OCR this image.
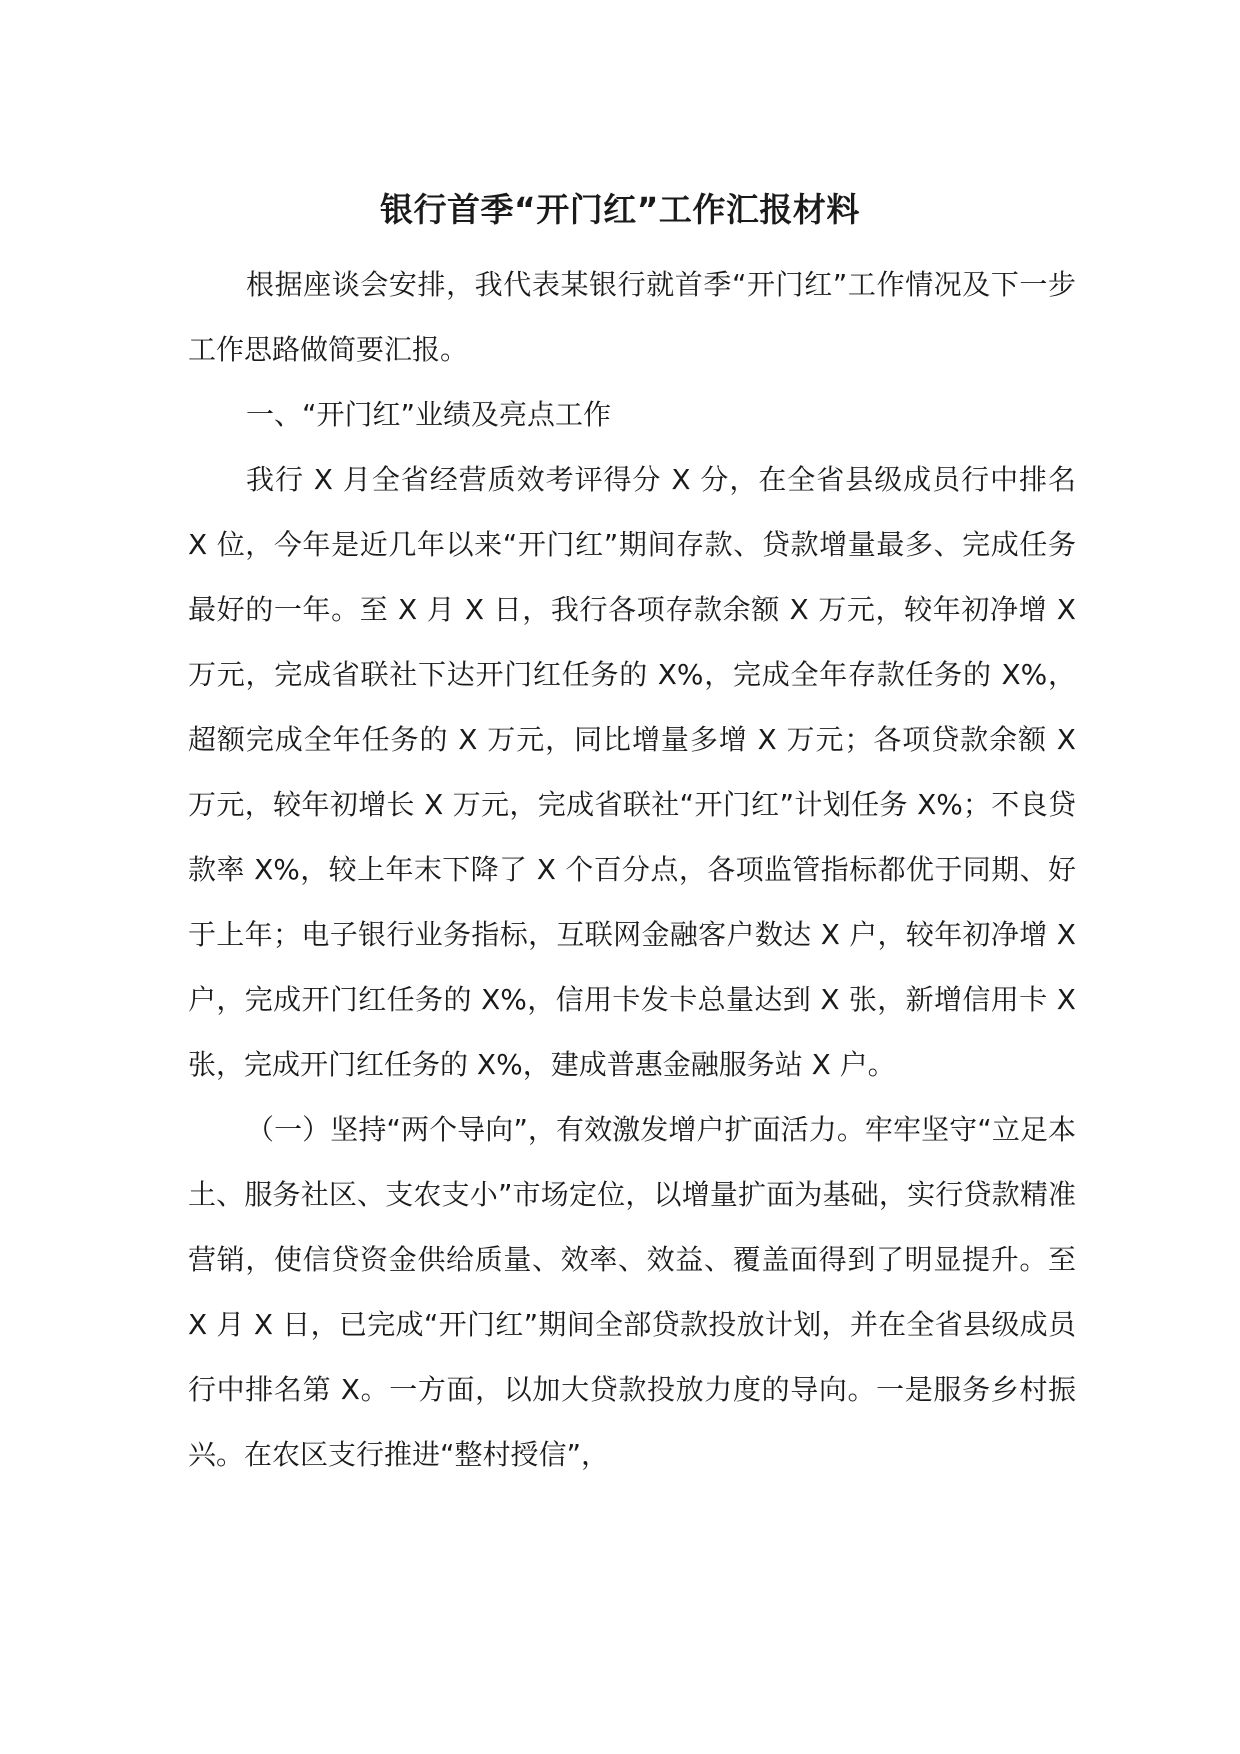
银行首季“开门红”工作汇报材料

根据座谈会安排，我代表某银行就首季“开门红”工作情况及下一步工作思路做简要汇报。

一、“开门红”业绩及亮点工作

我行 X 月全省经营质效考评得分 X 分，在全省县级成员行中排名 X 位，今年是近几年以来“开门红”期间存款、贷款增量最多、完成任务最好的一年。至 X 月 X 日，我行各项存款余额 X 万元，较年初净增 X 万元，完成省联社下达开门红任务的 X%，完成全年存款任务的 X%，超额完成全年任务的 X 万元，同比增量多增 X 万元；各项贷款余额 X 万元，较年初增长 X 万元，完成省联社“开门红”计划任务 X%；不良贷款率 X%，较上年末下降了 X 个百分点，各项监管指标都优于同期、好于上年；电子银行业务指标，互联网金融客户数达 X 户，较年初净增 X 户，完成开门红任务的 X%，信用卡发卡总量达到 X 张，新增信用卡 X 张，完成开门红任务的 X%，建成普惠金融服务站 X 户。

（一）坚持“两个导向”，有效激发增户扩面活力。牢牢坚守“立足本土、服务社区、支农支小”市场定位，以增量扩面为基础，实行贷款精准营销，使信贷资金供给质量、效率、效益、覆盖面得到了明显提升。至 X 月 X 日，已完成“开门红”期间全部贷款投放计划，并在全省县级成员行中排名第 X。一方面，以加大贷款投放力度的导向。一是服务乡村振兴。在农区支行推进“整村授信”，
